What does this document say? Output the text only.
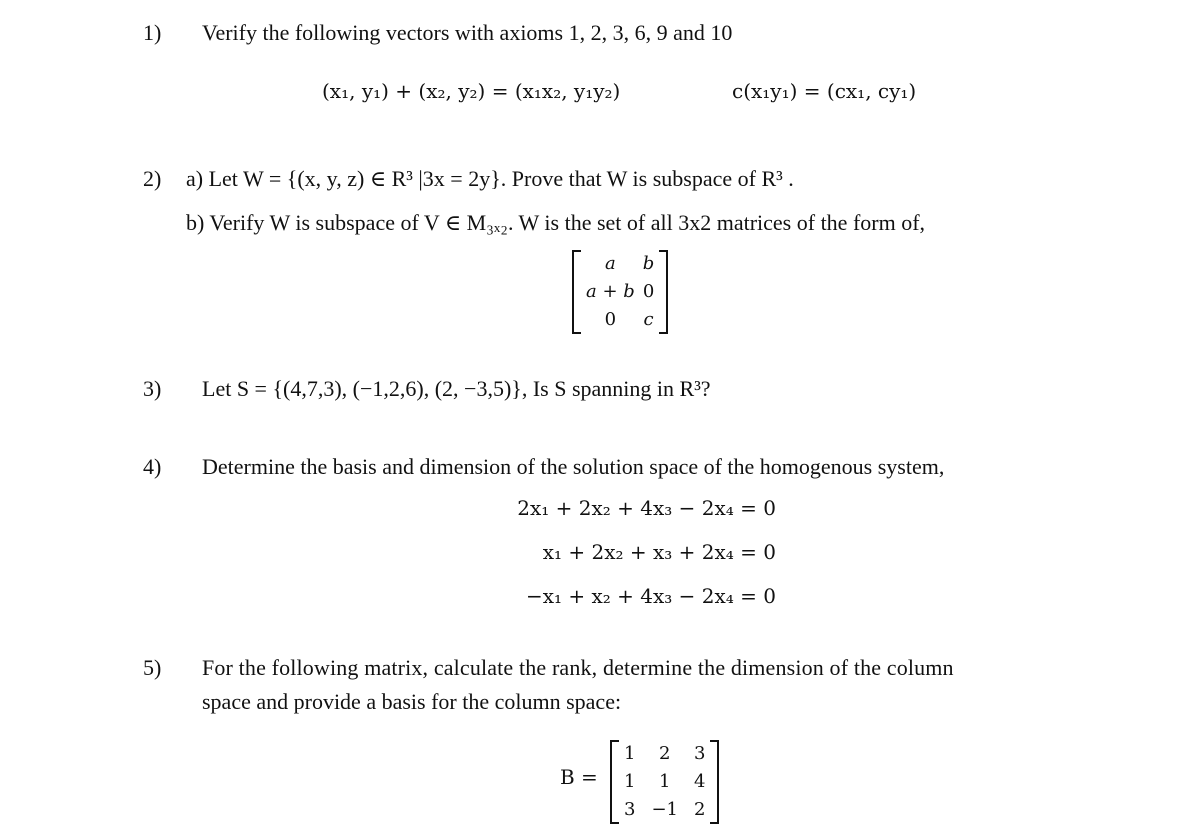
1) Verify the following vectors with axioms 1, 2, 3, 6, 9 and 10
(x₁, y₁) + (x₂, y₂) = (x₁x₂, y₁y₂)	c(x₁y₁) = (cx₁, cy₁)
2) a) Let W = {(x, y, z) ∈ R³ |3x = 2y}. Prove that W is subspace of R³ .
b) Verify W is subspace of V ∈ M₃ₓ₂. W is the set of all 3x2 matrices of the form of,
a	b
a + b	0
0	c
3) Let S = {(4,7,3), (−1,2,6), (2, −3,5)}, Is S spanning in R³?
4) Determine the basis and dimension of the solution space of the homogenous system,
2x₁ + 2x₂ + 4x₃ − 2x₄ = 0
x₁ + 2x₂ + x₃ + 2x₄ = 0
−x₁ + x₂ + 4x₃ − 2x₄ = 0
5) For the following matrix, calculate the rank, determine the dimension of the column
space and provide a basis for the column space:
B =
1	2	3
1	1	4
3	−1	2
